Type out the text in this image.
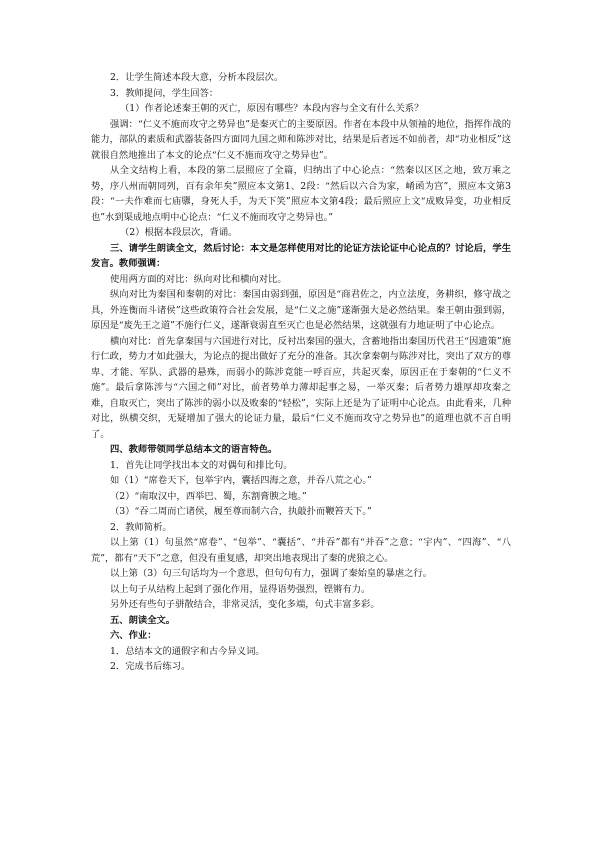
2．让学生简述本段大意，分析本段层次。

3．教师提问，学生回答：

（1）作者论述秦王朝的灭亡，原因有哪些？本段内容与全文有什么关系？

强调：“仁义不施而攻守之势异也”是秦灭亡的主要原因。作者在本段中从领袖的地位，指挥作战的能力，部队的素质和武器装备四方面同九国之师和陈涉对比，结果是后者远不如前者，却“功业相反”这就很自然地推出了本文的论点“仁义不施而攻守之势异也”。

从全文结构上看，本段的第二层照应了全篇，归纳出了中心论点：“然秦以区区之地，致万乘之势，序八州而朝同列，百有余年矣”照应本文第1、2段：“然后以六合为家，崤函为宫”，照应本文第3段：“一夫作难而七庙隳，身死人手，为天下笑”照应本文第4段；最后照应上文“成败异变，功业相反也”水到渠成地点明中心论点：“仁义不施而攻守之势异也。”

（2）根据本段层次，背诵。

三、请学生朗读全文，然后讨论：本文是怎样使用对比的论证方法论证中心论点的？讨论后，学生发言。教师强调：

使用两方面的对比：纵向对比和横向对比。

纵向对比为秦国和秦朝的对比：秦国由弱到强，原因是“商君佐之，内立法度，务耕织，修守战之具，外连衡而斗诸侯”这些政策符合社会发展，是“仁义之施”遂渐强大是必然结果。秦王朝由强到弱，原因是“废先王之道”不施行仁义，遂渐衰弱直至灭亡也是必然结果，这就强有力地证明了中心论点。

横向对比：首先拿秦国与六国进行对比，反衬出秦国的强大，含蓄地指出秦国历代君王“因遗策”施行仁政，势力才如此强大，为论点的提出做好了充分的准备。其次拿秦朝与陈涉对比，突出了双方的尊卑、才能、军队、武器的悬殊，而弱小的陈涉竟能一呼百应，共起灭秦，原因正在于秦朝的“仁义不施”。最后拿陈涉与“六国之师”对比，前者势单力薄却起事之易，一举灭秦；后者势力雄厚却攻秦之难，自取灭亡，突出了陈涉的弱小以及败秦的“轻松”，实际上还是为了证明中心论点。由此看来，几种对比，纵横交织，无疑增加了强大的论证力量，最后“仁义不施而攻守之势异也”的道理也就不言自明了。

四、教师带领同学总结本文的语言特色。

1．首先让同学找出本文的对偶句和排比句。

如（1）“席卷天下，包举宇内，囊括四海之意，并吞八荒之心。”

（2）“南取汉中，西举巴、蜀，东割膏腴之地。”

（3）“吞二周而亡诸侯，履至尊而制六合，执敲扑而鞭笞天下。”

2．教师简析。

以上第（1）句虽然“席卷”、“包举”、“囊括”、“并吞”都有“并吞”之意；“宇内”、“四海”、“八荒”，都有“天下”之意，但没有重复感，却突出地表现出了秦的虎狼之心。

以上第（3）句三句话均为一个意思，但句句有力，强调了秦始皇的暴虐之行。

以上句子从结构上起到了强化作用，显得语势强烈，铿锵有力。

另外还有些句子骈散结合，非常灵活，变化多端，句式丰富多彩。

五、朗读全文。

六、作业：

1．总结本文的通假字和古今异义词。

2．完成书后练习。
